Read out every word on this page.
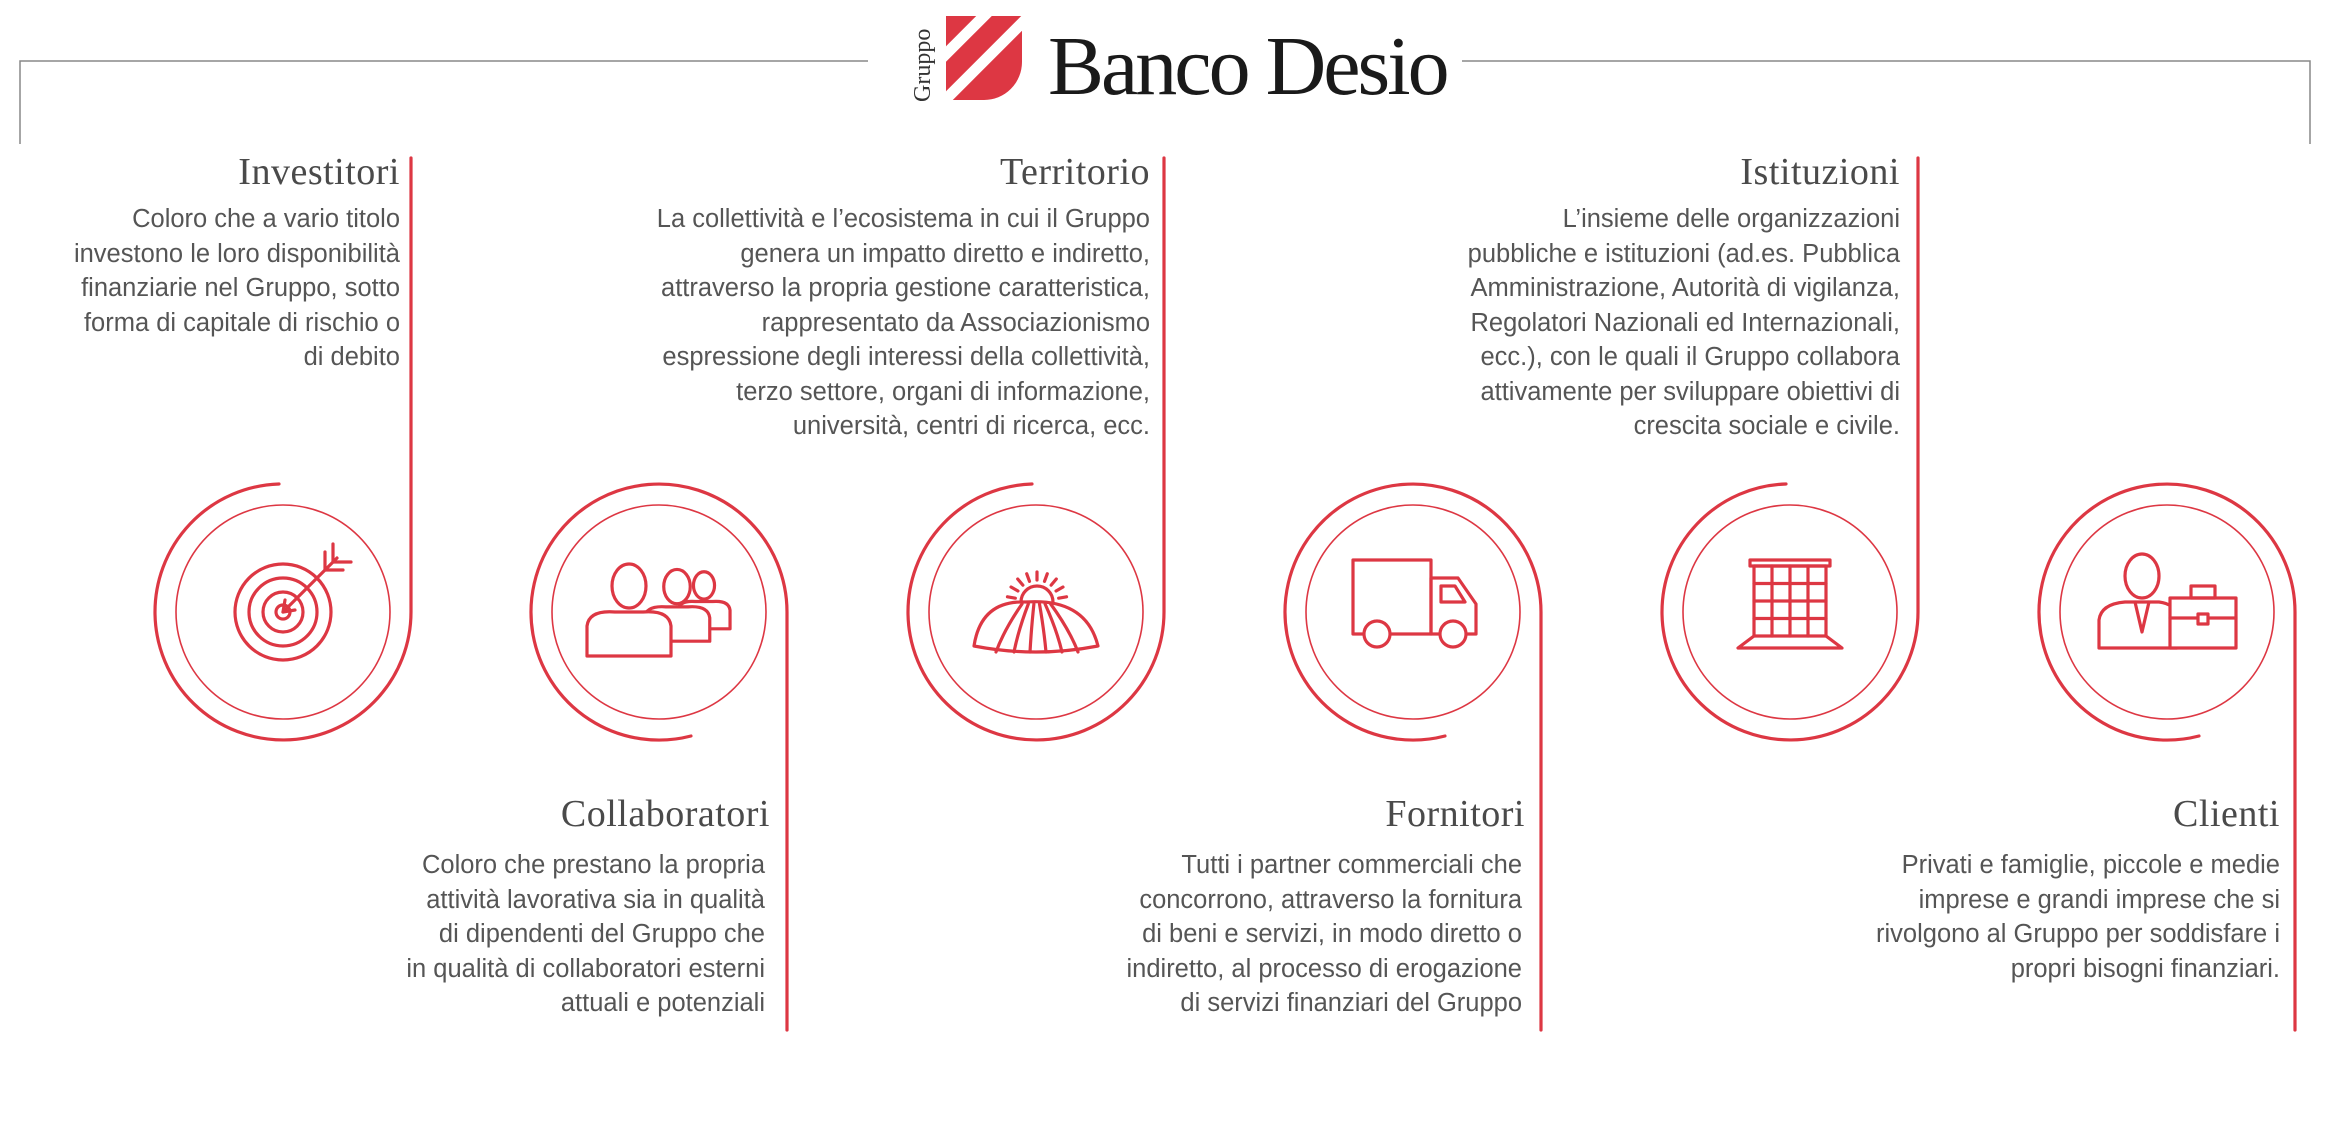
Gruppo Banco Desio
Investitori
Coloro che a vario titolo
investono le loro disponibilità
finanziarie nel Gruppo, sotto
forma di capitale di rischio o
di debito
Territorio
La collettività e l’ecosistema in cui il Gruppo
genera un impatto diretto e indiretto,
attraverso la propria gestione caratteristica,
rappresentato da Associazionismo
espressione degli interessi della collettività,
terzo settore, organi di informazione,
università, centri di ricerca, ecc.
Istituzioni
L’insieme delle organizzazioni
pubbliche e istituzioni (ad.es. Pubblica
Amministrazione, Autorità di vigilanza,
Regolatori Nazionali ed Internazionali,
ecc.), con le quali il Gruppo collabora
attivamente per sviluppare obiettivi di
crescita sociale e civile.
Collaboratori
Coloro che prestano la propria
attività lavorativa sia in qualità
di dipendenti del Gruppo che
in qualità di collaboratori esterni
attuali e potenziali
Fornitori
Tutti i partner commerciali che
concorrono, attraverso la fornitura
di beni e servizi, in modo diretto o
indiretto, al processo di erogazione
di servizi finanziari del Gruppo
Clienti
Privati e famiglie, piccole e medie
imprese e grandi imprese che si
rivolgono al Gruppo per soddisfare i
propri bisogni finanziari.
